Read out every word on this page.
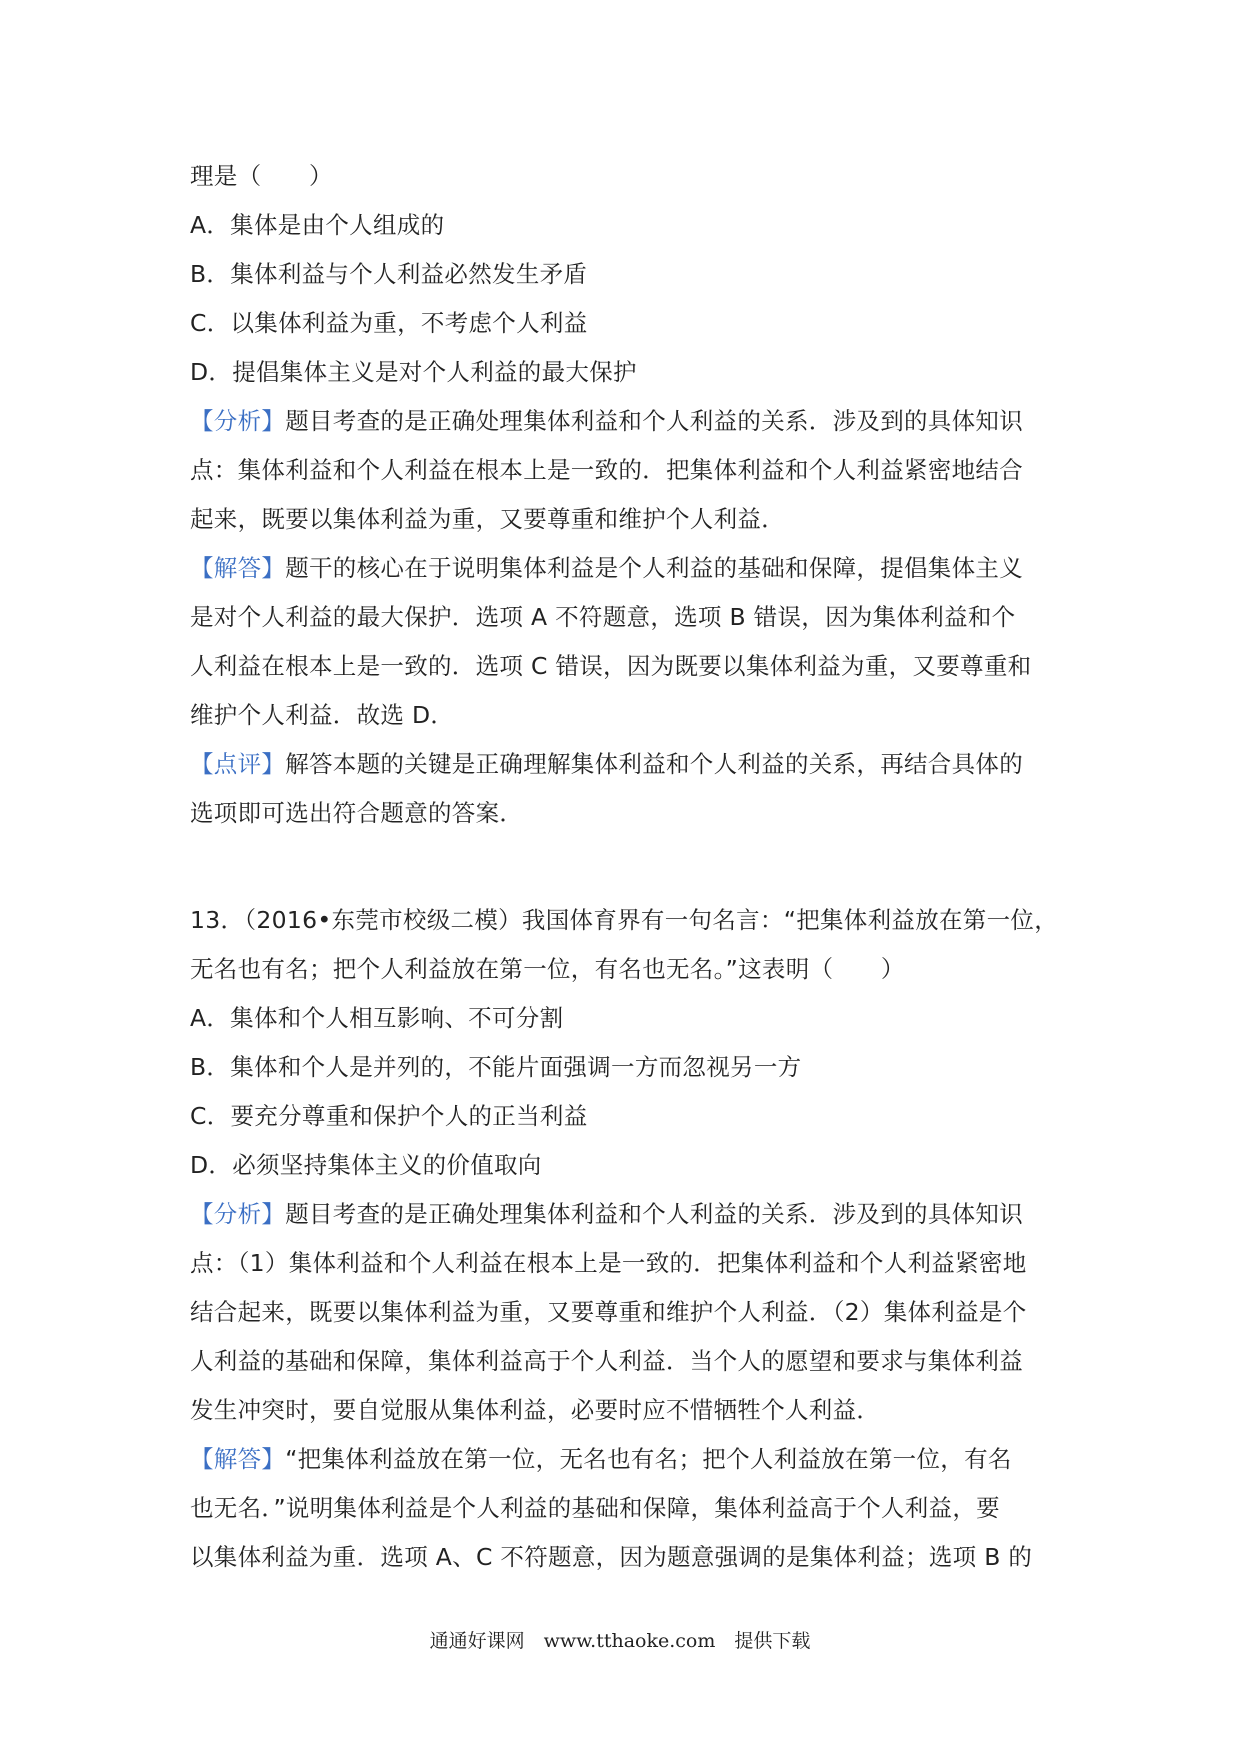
理是（　　）
A．集体是由个人组成的
B．集体利益与个人利益必然发生矛盾
C．以集体利益为重，不考虑个人利益
D．提倡集体主义是对个人利益的最大保护
【分析】题目考查的是正确处理集体利益和个人利益的关系．涉及到的具体知识
点：集体利益和个人利益在根本上是一致的．把集体利益和个人利益紧密地结合
起来，既要以集体利益为重，又要尊重和维护个人利益．
【解答】题干的核心在于说明集体利益是个人利益的基础和保障，提倡集体主义
是对个人利益的最大保护．选项 A 不符题意，选项 B 错误，因为集体利益和个
人利益在根本上是一致的．选项 C 错误，因为既要以集体利益为重，又要尊重和
维护个人利益．故选 D．
【点评】解答本题的关键是正确理解集体利益和个人利益的关系，再结合具体的
选项即可选出符合题意的答案．
13．（2016•东莞市校级二模）我国体育界有一句名言：“把集体利益放在第一位，
无名也有名；把个人利益放在第一位，有名也无名。”这表明（　　）
A．集体和个人相互影响、不可分割
B．集体和个人是并列的，不能片面强调一方而忽视另一方
C．要充分尊重和保护个人的正当利益
D．必须坚持集体主义的价值取向
【分析】题目考查的是正确处理集体利益和个人利益的关系．涉及到的具体知识
点：（1）集体利益和个人利益在根本上是一致的．把集体利益和个人利益紧密地
结合起来，既要以集体利益为重，又要尊重和维护个人利益．（2）集体利益是个
人利益的基础和保障，集体利益高于个人利益．当个人的愿望和要求与集体利益
发生冲突时，要自觉服从集体利益，必要时应不惜牺牲个人利益．
【解答】“把集体利益放在第一位，无名也有名；把个人利益放在第一位，有名
也无名．”说明集体利益是个人利益的基础和保障，集体利益高于个人利益，要
以集体利益为重．选项 A、C 不符题意，因为题意强调的是集体利益；选项 B 的
通通好课网　www.tthaoke.com　提供下载
